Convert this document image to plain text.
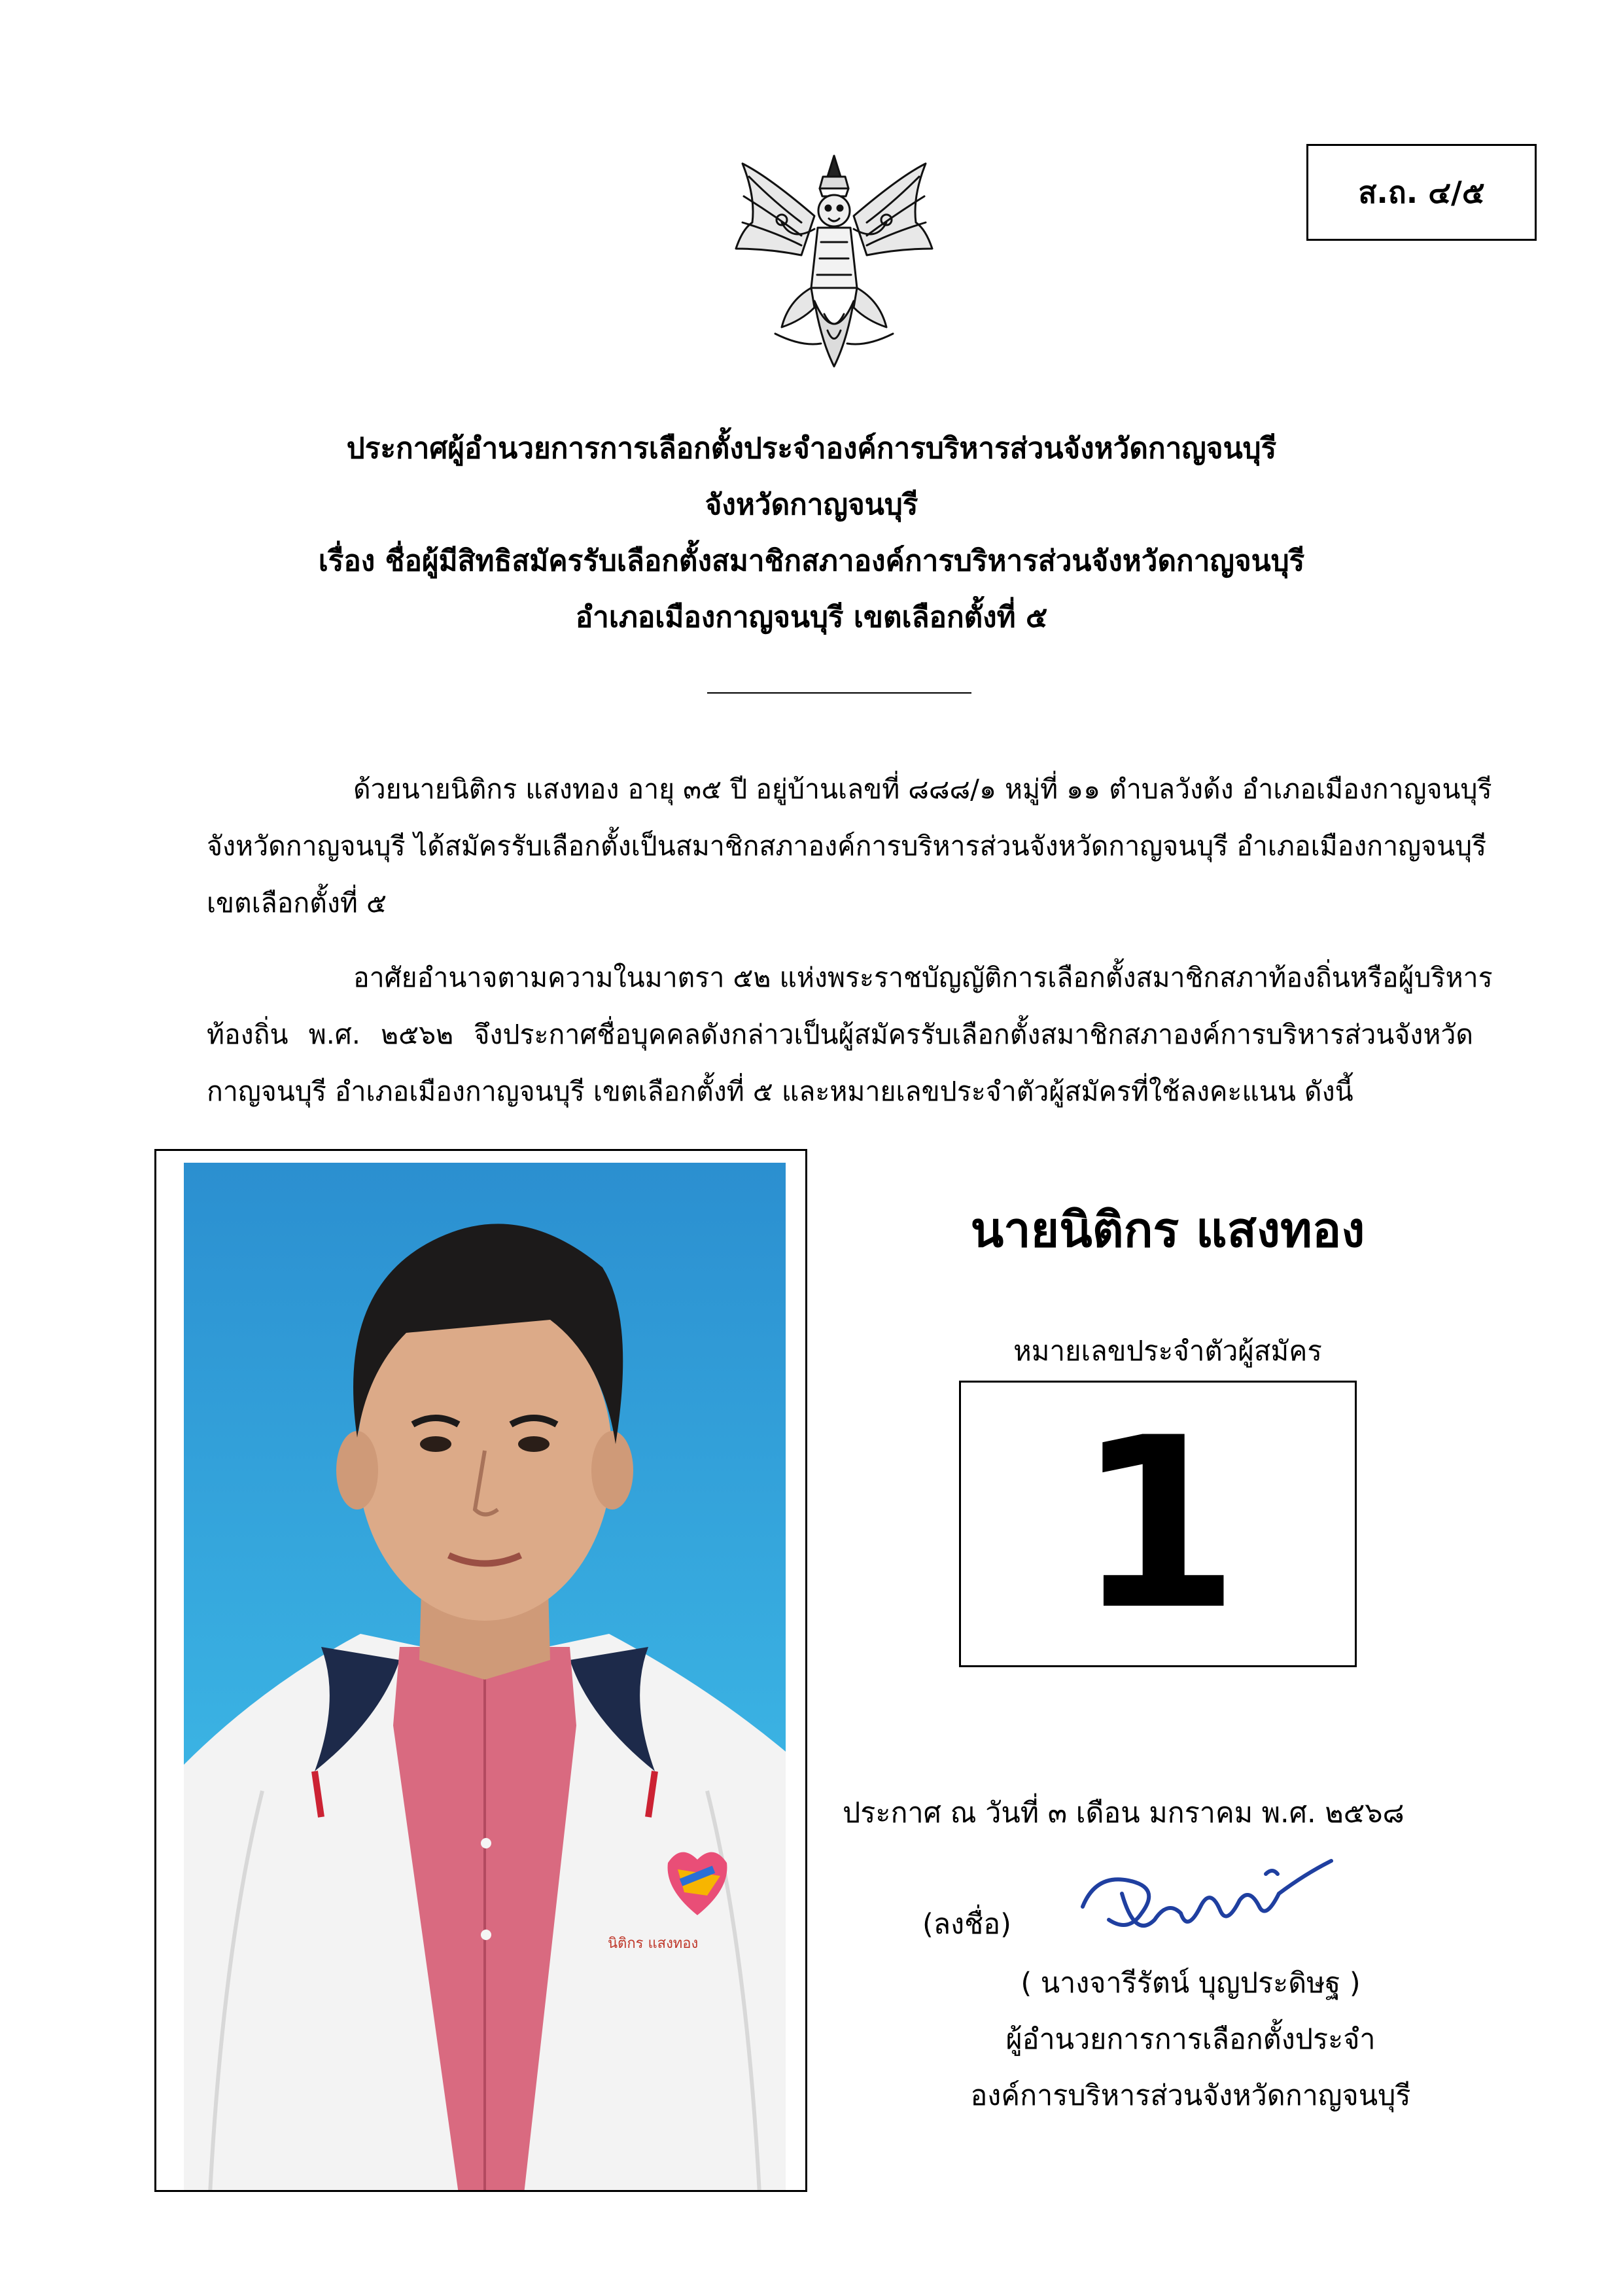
ส.ถ. ๔/๕
ประกาศผู้อำนวยการการเลือกตั้งประจำองค์การบริหารส่วนจังหวัดกาญจนบุรี
จังหวัดกาญจนบุรี
เรื่อง ชื่อผู้มีสิทธิสมัครรับเลือกตั้งสมาชิกสภาองค์การบริหารส่วนจังหวัดกาญจนบุรี
อำเภอเมืองกาญจนบุรี เขตเลือกตั้งที่ ๕
ด้วยนายนิติกร แสงทอง อายุ ๓๕ ปี อยู่บ้านเลขที่ ๘๘๘/๑ หมู่ที่ ๑๑ ตำบลวังด้ง อำเภอเมืองกาญจนบุรี
จังหวัดกาญจนบุรี ได้สมัครรับเลือกตั้งเป็นสมาชิกสภาองค์การบริหารส่วนจังหวัดกาญจนบุรี อำเภอเมืองกาญจนบุรี
เขตเลือกตั้งที่ ๕
อาศัยอำนาจตามความในมาตรา ๕๒ แห่งพระราชบัญญัติการเลือกตั้งสมาชิกสภาท้องถิ่นหรือผู้บริหาร
ท้องถิ่น พ.ศ. ๒๕๖๒ จึงประกาศชื่อบุคคลดังกล่าวเป็นผู้สมัครรับเลือกตั้งสมาชิกสภาองค์การบริหารส่วนจังหวัด
กาญจนบุรี อำเภอเมืองกาญจนบุรี เขตเลือกตั้งที่ ๕ และหมายเลขประจำตัวผู้สมัครที่ใช้ลงคะแนน ดังนี้
นิติกร แสงทอง
นายนิติกร แสงทอง
หมายเลขประจำตัวผู้สมัคร
1
ประกาศ ณ วันที่ ๓ เดือน มกราคม พ.ศ. ๒๕๖๘
(ลงชื่อ)
( นางจารีรัตน์ บุญประดิษฐ )
ผู้อำนวยการการเลือกตั้งประจำ
องค์การบริหารส่วนจังหวัดกาญจนบุรี
